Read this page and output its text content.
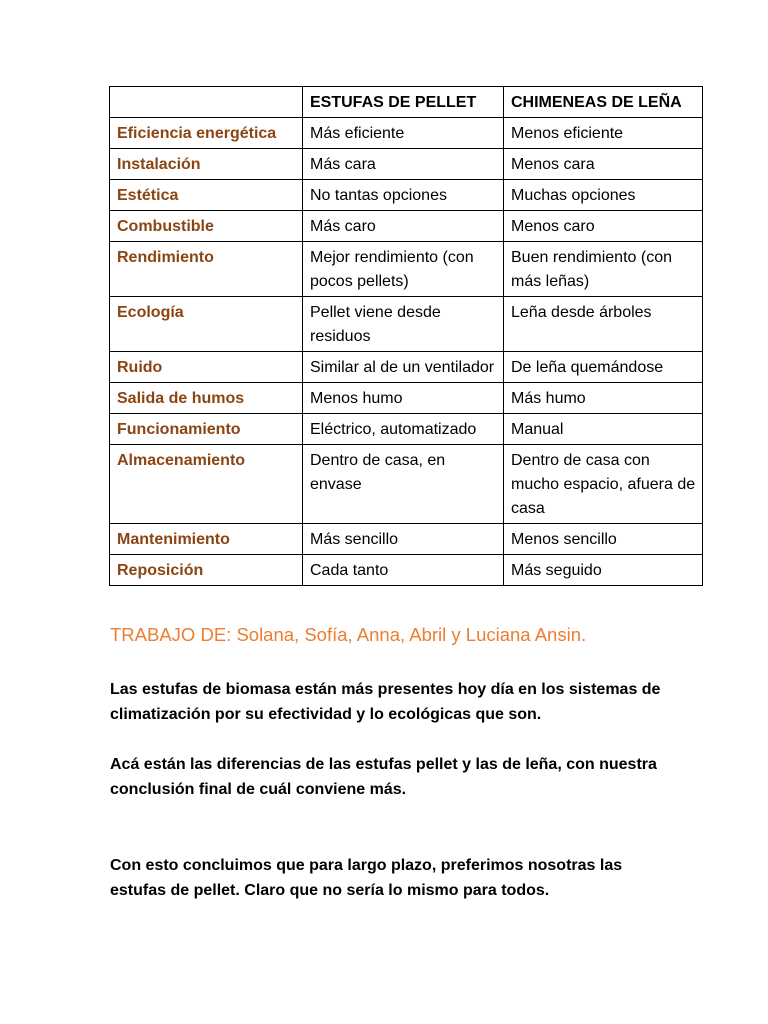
	ESTUFAS DE PELLET	CHIMENEAS DE LEÑA
Eficiencia energética	Más eficiente	Menos eficiente
Instalación	Más cara	Menos cara
Estética	No tantas opciones	Muchas opciones
Combustible	Más caro	Menos caro
Rendimiento	Mejor rendimiento (con pocos pellets)	Buen rendimiento (con más leñas)
Ecología	Pellet viene desde residuos	Leña desde árboles
Ruido	Similar al de un ventilador	De leña quemándose
Salida de humos	Menos humo	Más humo
Funcionamiento	Eléctrico, automatizado	Manual
Almacenamiento	Dentro de casa, en envase	Dentro de casa con mucho espacio, afuera de casa
Mantenimiento	Más sencillo	Menos sencillo
Reposición	Cada tanto	Más seguido
TRABAJO DE: Solana, Sofía, Anna, Abril y Luciana Ansin.

Las estufas de biomasa están más presentes hoy día en los sistemas de climatización por su efectividad y lo ecológicas que son.

Acá están las diferencias de las estufas pellet y las de leña, con nuestra conclusión final de cuál conviene más.

Con esto concluimos que para largo plazo, preferimos nosotras las estufas de pellet. Claro que no sería lo mismo para todos.
